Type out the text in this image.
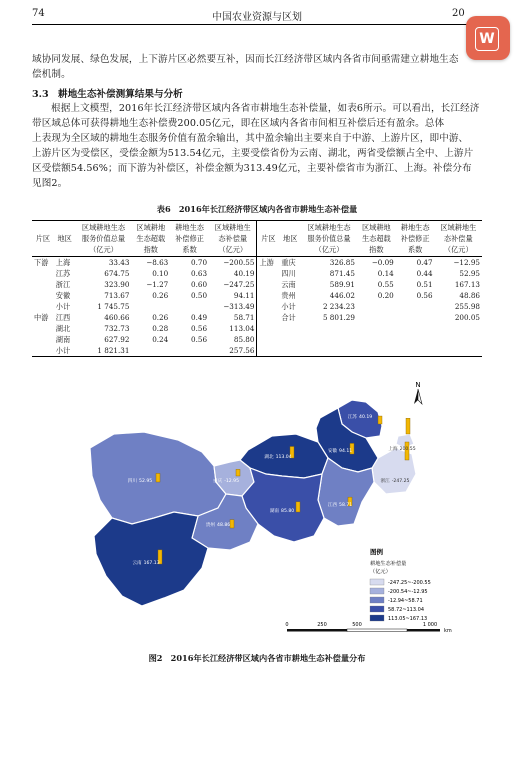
74	中国农业资源与区划	20
W

域协同发展、绿色发展，上下游片区必然要互补，因而长江经济带区域内各省市间亟需建立耕地生态

偿机制。

3.3 耕地生态补偿测算结果与分析

根据上文模型，2016年长江经济带区域内各省市耕地生态补偿量，如表6所示。可以看出，长江经济

带区域总体可获得耕地生态补偿费200.05亿元，即在区域内各省市间相互补偿后还有盈余。总体

上表现为全区域的耕地生态服务价值有盈余输出，其中盈余输出主要来自于中游、上游片区，即中游、

上游片区为受偿区，受偿金额为513.54亿元，主要受偿省份为云南、湖北，两省受偿额占全中、上游片

区受偿额54.56%；而下游为补偿区，补偿金额为313.49亿元，主要补偿省市为浙江、上海。补偿分布

见图2。

表6　2016年长江经济带区域内各省市耕地生态补偿量
片区	地区	区域耕地生态
服务价值总量
（亿元）	区域耕地
生态超载
指数	耕地生态
补偿修正
系数	区域耕地生
态补偿量
（亿元）	片区	地区	区域耕地生态
服务价值总量
（亿元）	区域耕地
生态超载
指数	耕地生态
补偿修正
系数	区域耕地生
态补偿量
（亿元）
下游	上海	33.43	−8.63	0.70	−200.55	上游	重庆	326.85	−0.09	0.47	−12.95
	江苏	674.75	0.10	0.63	40.19		四川	871.45	0.14	0.44	52.95
	浙江	323.90	−1.27	0.60	−247.25		云南	589.91	0.55	0.51	167.13
	安徽	713.67	0.26	0.50	94.11		贵州	446.02	0.20	0.56	48.86
	小计	1 745.75			−313.49		小计	2 234.23			255.98
中游	江西	460.66	0.26	0.49	58.71		合计	5 801.29			200.05
	湖北	732.73	0.28	0.56	113.04						
	湖南	627.92	0.24	0.56	85.80						
	小计	1 821.31			257.56						
江苏 40.19
上海 200.55
浙江 -247.25
安徽 94.11
湖北 113.04
四川 52.95	重庆 -12.95
江西 58.71
湖南 85.80
贵州 48.86
云南 167.13
N
图例
耕地生态补偿量
（亿元）
-247.25~-200.55
-200.54~-12.95
-12.94~58.71
58.72~113.04
113.05~167.13
0	250	500	1 000
km
图2　2016年长江经济带区域内各省市耕地生态补偿量分布
